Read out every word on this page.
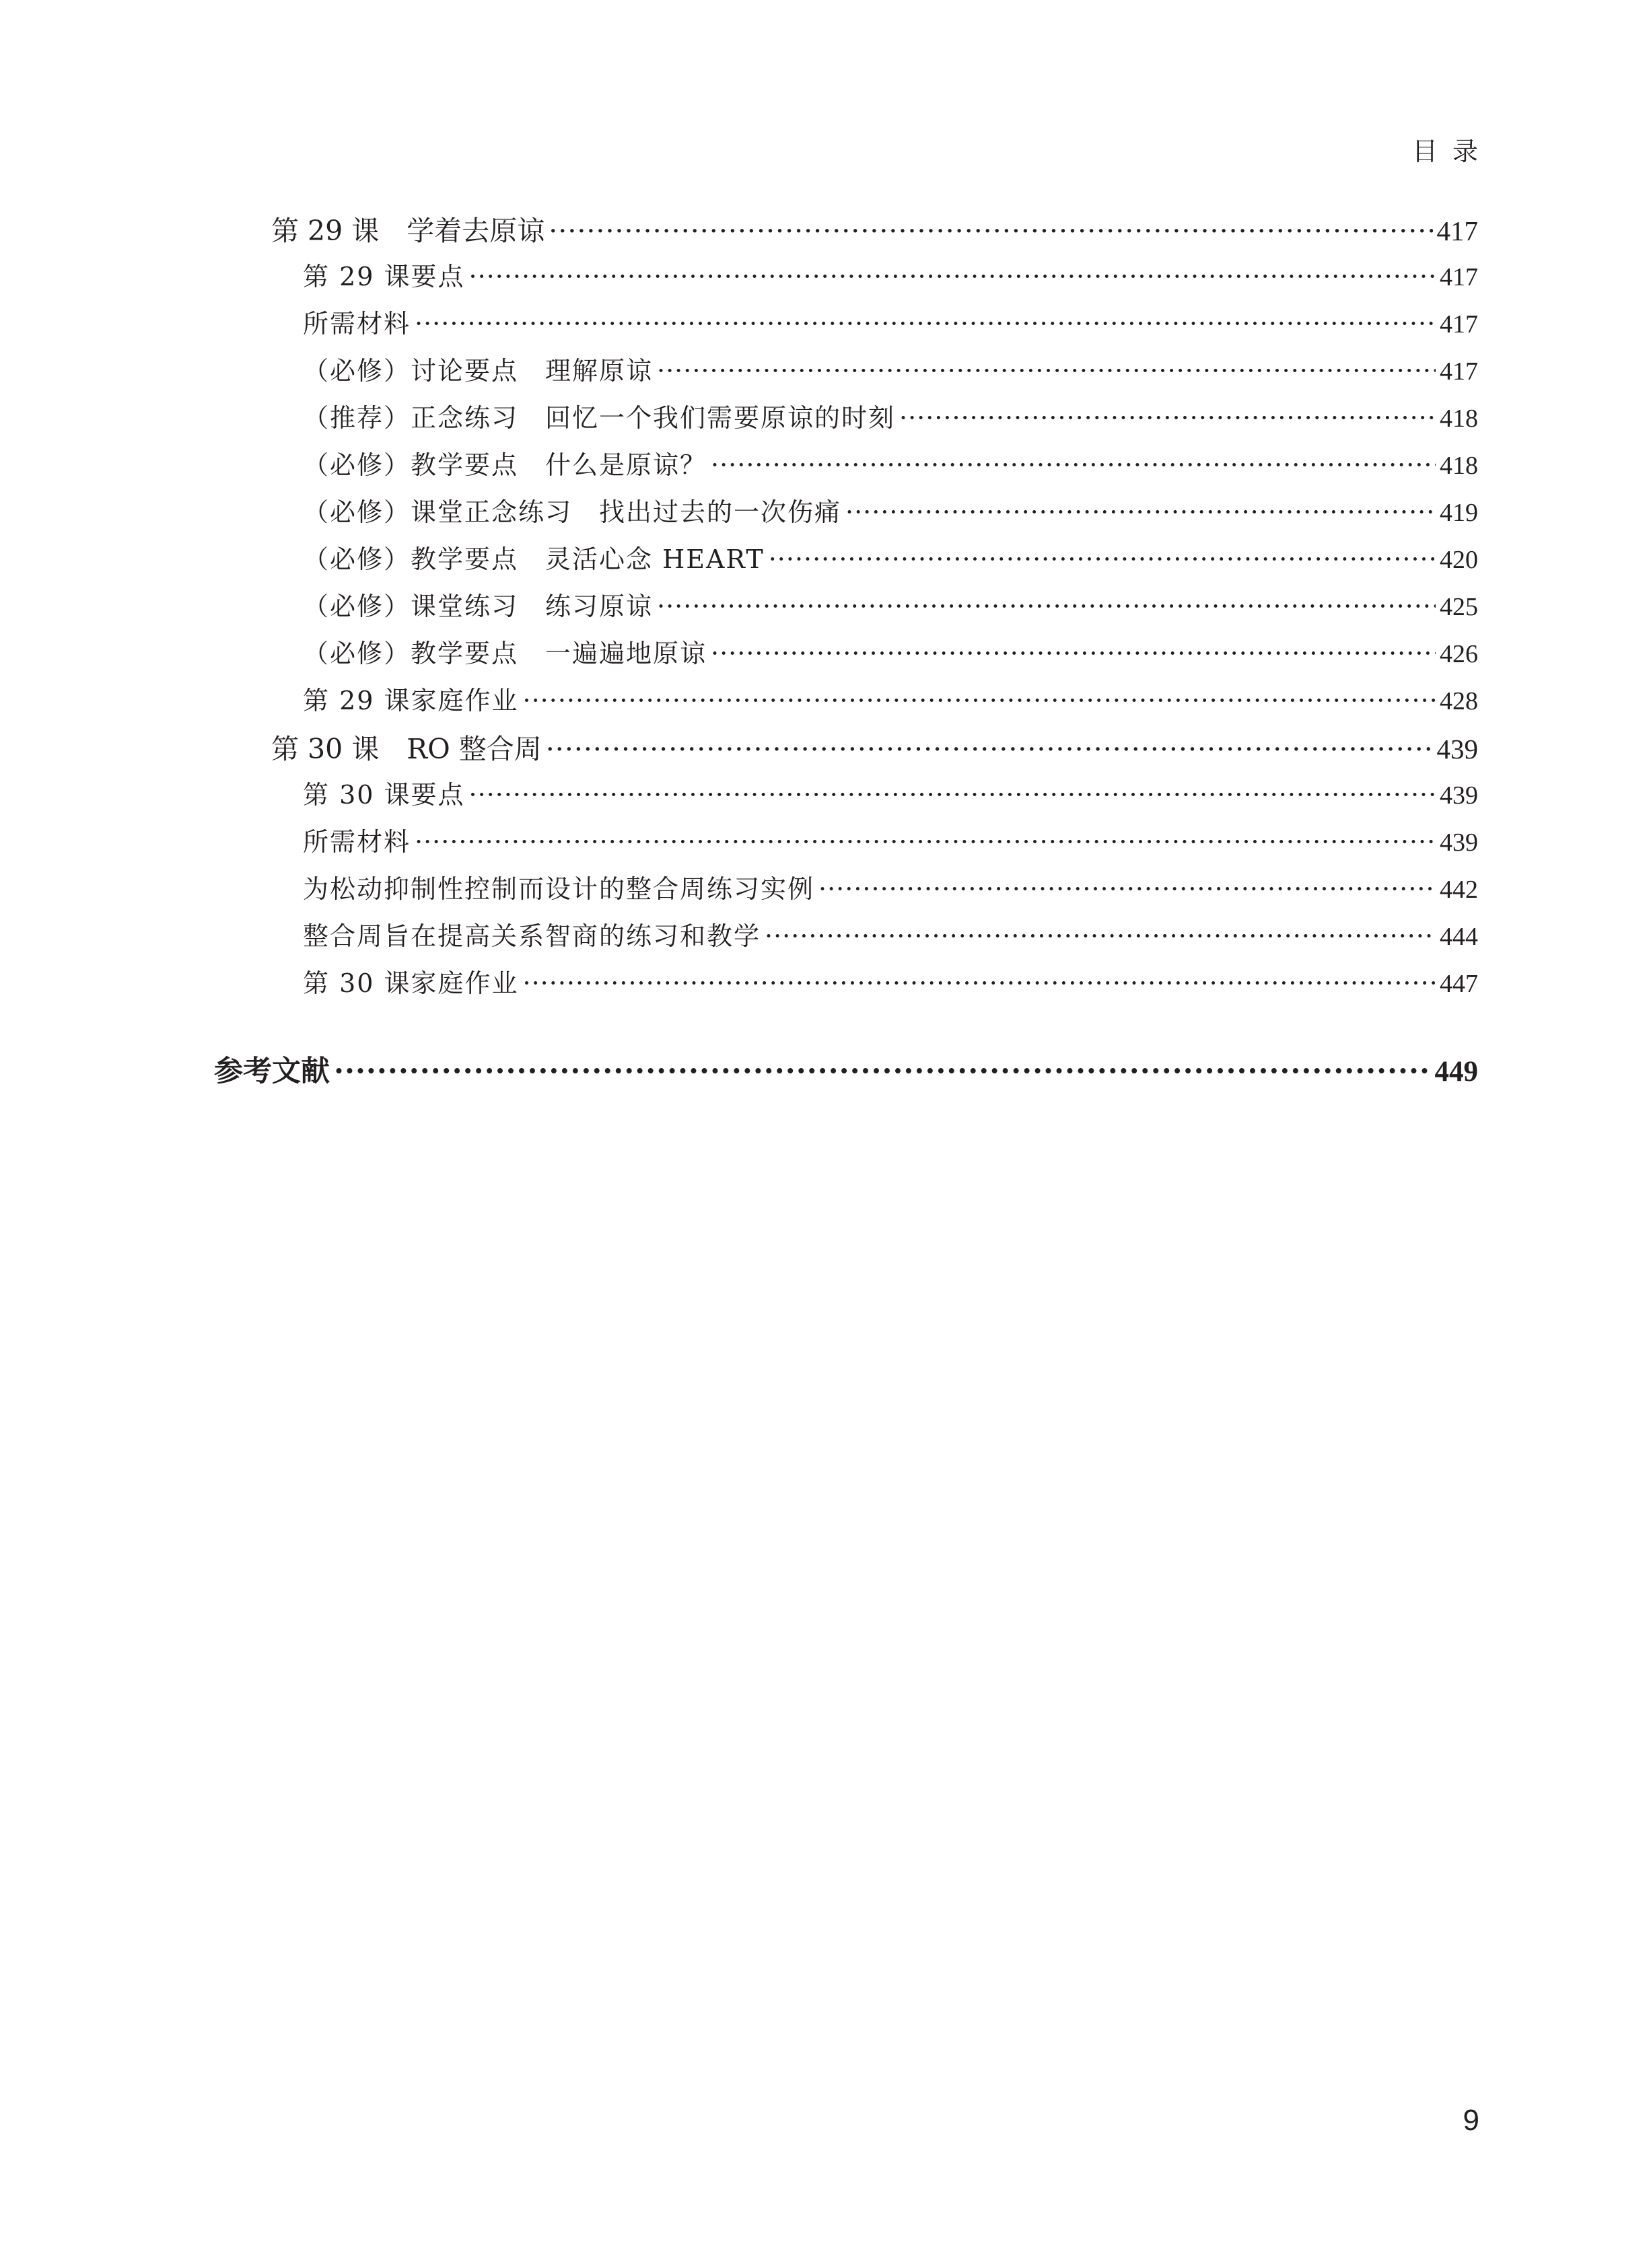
目录
第 29 课　学着去原谅 ·····	417
第 29 课要点 ·····	417
所需材料 ·····	417
（必修）讨论要点　理解原谅 ·····	417
（推荐）正念练习　回忆一个我们需要原谅的时刻 ·····	418
（必修）教学要点　什么是原谅？ ·····	418
（必修）课堂正念练习　找出过去的一次伤痛 ·····	419
（必修）教学要点　灵活心念 HEART ·····	420
（必修）课堂练习　练习原谅 ·····	425
（必修）教学要点　一遍遍地原谅 ·····	426
第 29 课家庭作业 ·····	428
第 30 课　RO 整合周 ·····	439
第 30 课要点 ·····	439
所需材料 ·····	439
为松动抑制性控制而设计的整合周练习实例 ·····	442
整合周旨在提高关系智商的练习和教学 ·····	444
第 30 课家庭作业 ·····	447
参考文献 ·····	449
9
